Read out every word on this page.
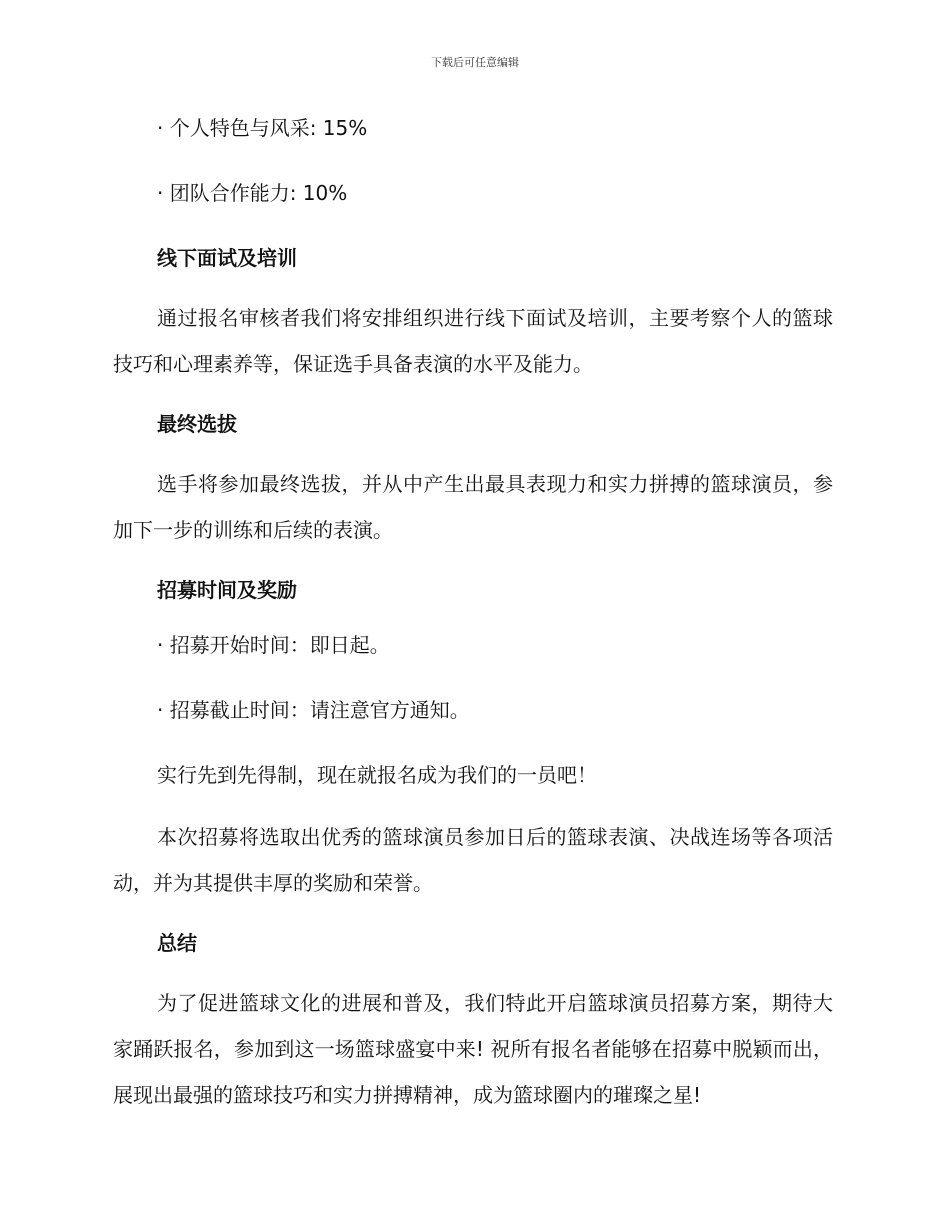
下载后可任意编辑
· 个人特色与风采: 15%
· 团队合作能力: 10%
线下面试及培训
通过报名审核者我们将安排组织进行线下面试及培训，主要考察个人的篮球技巧和心理素养等，保证选手具备表演的水平及能力。
最终选拔
选手将参加最终选拔，并从中产生出最具表现力和实力拼搏的篮球演员，参加下一步的训练和后续的表演。
招募时间及奖励
· 招募开始时间：即日起。
· 招募截止时间：请注意官方通知。
实行先到先得制，现在就报名成为我们的一员吧！
本次招募将选取出优秀的篮球演员参加日后的篮球表演、决战连场等各项活动，并为其提供丰厚的奖励和荣誉。
总结
为了促进篮球文化的进展和普及，我们特此开启篮球演员招募方案，期待大家踊跃报名，参加到这一场篮球盛宴中来! 祝所有报名者能够在招募中脱颖而出，展现出最强的篮球技巧和实力拼搏精神，成为篮球圈内的璀璨之星!
